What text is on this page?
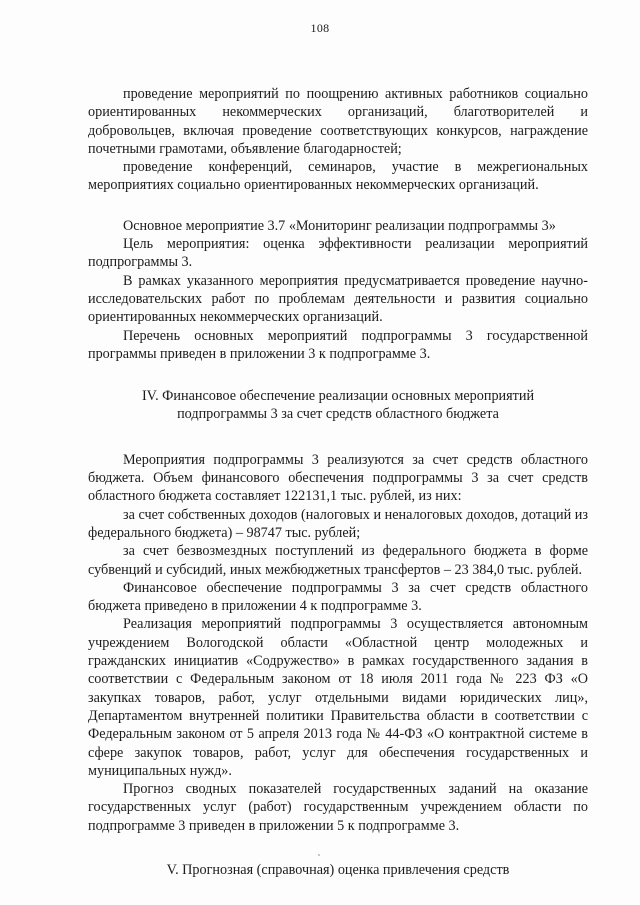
108

проведение мероприятий по поощрению активных работников социально ориентированных некоммерческих организаций, благотворителей и добровольцев, включая проведение соответствующих конкурсов, награждение почетными грамотами, объявление благодарностей;

проведение конференций, семинаров, участие в межрегиональных мероприятиях социально ориентированных некоммерческих организаций.

Основное мероприятие 3.7 «Мониторинг реализации подпрограммы 3»

Цель мероприятия: оценка эффективности реализации мероприятий подпрограммы 3.

В рамках указанного мероприятия предусматривается проведение научно-исследовательских работ по проблемам деятельности и развития социально ориентированных некоммерческих организаций.

Перечень основных мероприятий подпрограммы 3 государственной программы приведен в приложении 3 к подпрограмме 3.

IV. Финансовое обеспечение реализации основных мероприятий

подпрограммы 3 за счет средств областного бюджета

Мероприятия подпрограммы 3 реализуются за счет средств областного бюджета. Объем финансового обеспечения подпрограммы 3 за счет средств областного бюджета составляет 122131,1 тыс. рублей, из них:

за счет собственных доходов (налоговых и неналоговых доходов, дотаций из федерального бюджета) – 98747 тыс. рублей;

за счет безвозмездных поступлений из федерального бюджета в форме субвенций и субсидий, иных межбюджетных трансфертов – 23 384,0 тыс. рублей.

Финансовое обеспечение подпрограммы 3 за счет средств областного бюджета приведено в приложении 4 к подпрограмме 3.

Реализация мероприятий подпрограммы 3 осуществляется автономным учреждением Вологодской области «Областной центр молодежных и гражданских инициатив «Содружество» в рамках государственного задания в соответствии с Федеральным законом от 18 июля 2011 года № 223 ФЗ «О закупках товаров, работ, услуг отдельными видами юридических лиц», Департаментом внутренней политики Правительства области в соответствии с Федеральным законом от 5 апреля 2013 года № 44-ФЗ «О контрактной системе в сфере закупок товаров, работ, услуг для обеспечения государственных и муниципальных нужд».

Прогноз сводных показателей государственных заданий на оказание государственных услуг (работ) государственным учреждением области по подпрограмме 3 приведен в приложении 5 к подпрограмме 3.

V. Прогнозная (справочная) оценка привлечения средств
